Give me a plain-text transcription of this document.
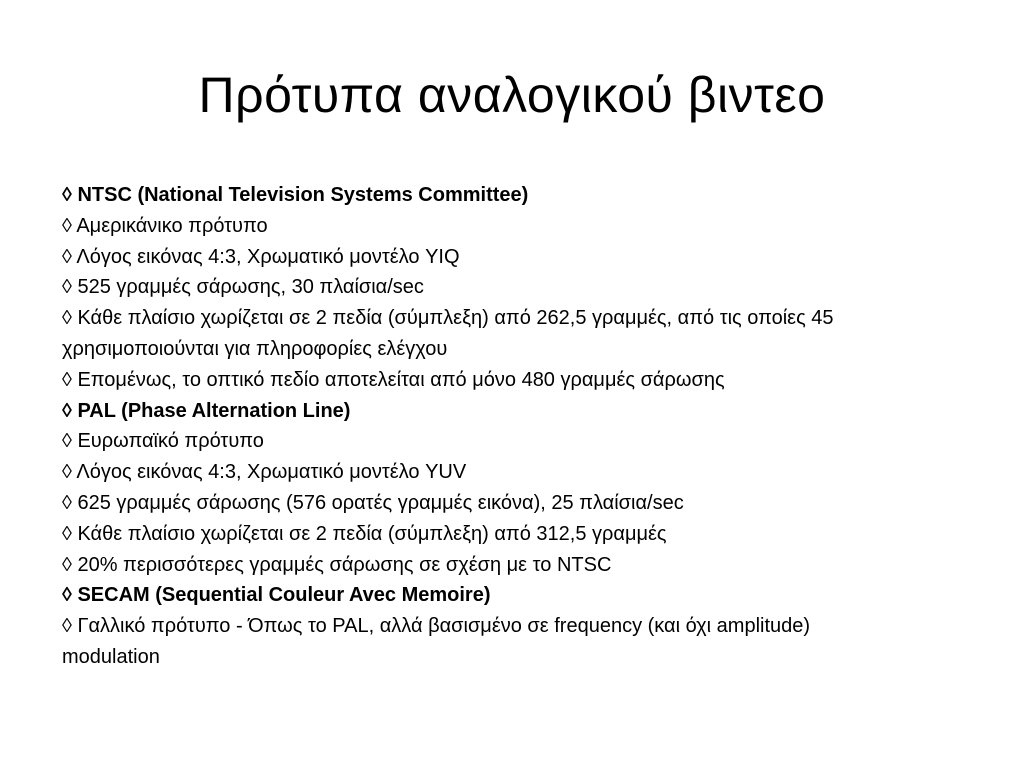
Πρότυπα αναλογικού βιντεο
◊ NTSC (National Television Systems Committee)
◊ Αμερικάνικο πρότυπο
◊ Λόγος εικόνας 4:3, Χρωματικό μοντέλο YIQ
◊ 525 γραμμές σάρωσης, 30 πλαίσια/sec
◊ Κάθε πλαίσιο χωρίζεται σε 2 πεδία (σύμπλεξη) από 262,5 γραμμές, από τις οποίες 45 χρησιμοποιούνται για πληροφορίες ελέγχου
◊ Επομένως, το οπτικό πεδίο αποτελείται από μόνο 480 γραμμές σάρωσης
◊ PAL (Phase Alternation Line)
◊ Ευρωπαϊκό πρότυπο
◊ Λόγος εικόνας 4:3, Χρωματικό μοντέλο YUV
◊ 625 γραμμές σάρωσης (576 ορατές γραμμές εικόνα), 25 πλαίσια/sec
◊ Κάθε πλαίσιο χωρίζεται σε 2 πεδία (σύμπλεξη) από 312,5 γραμμές
◊ 20% περισσότερες γραμμές σάρωσης σε σχέση με το NTSC
◊ SECAM (Sequential Couleur Avec Memoire)
◊ Γαλλικό πρότυπο - Όπως το PAL, αλλά βασισμένο σε frequency (και όχι amplitude) modulation
